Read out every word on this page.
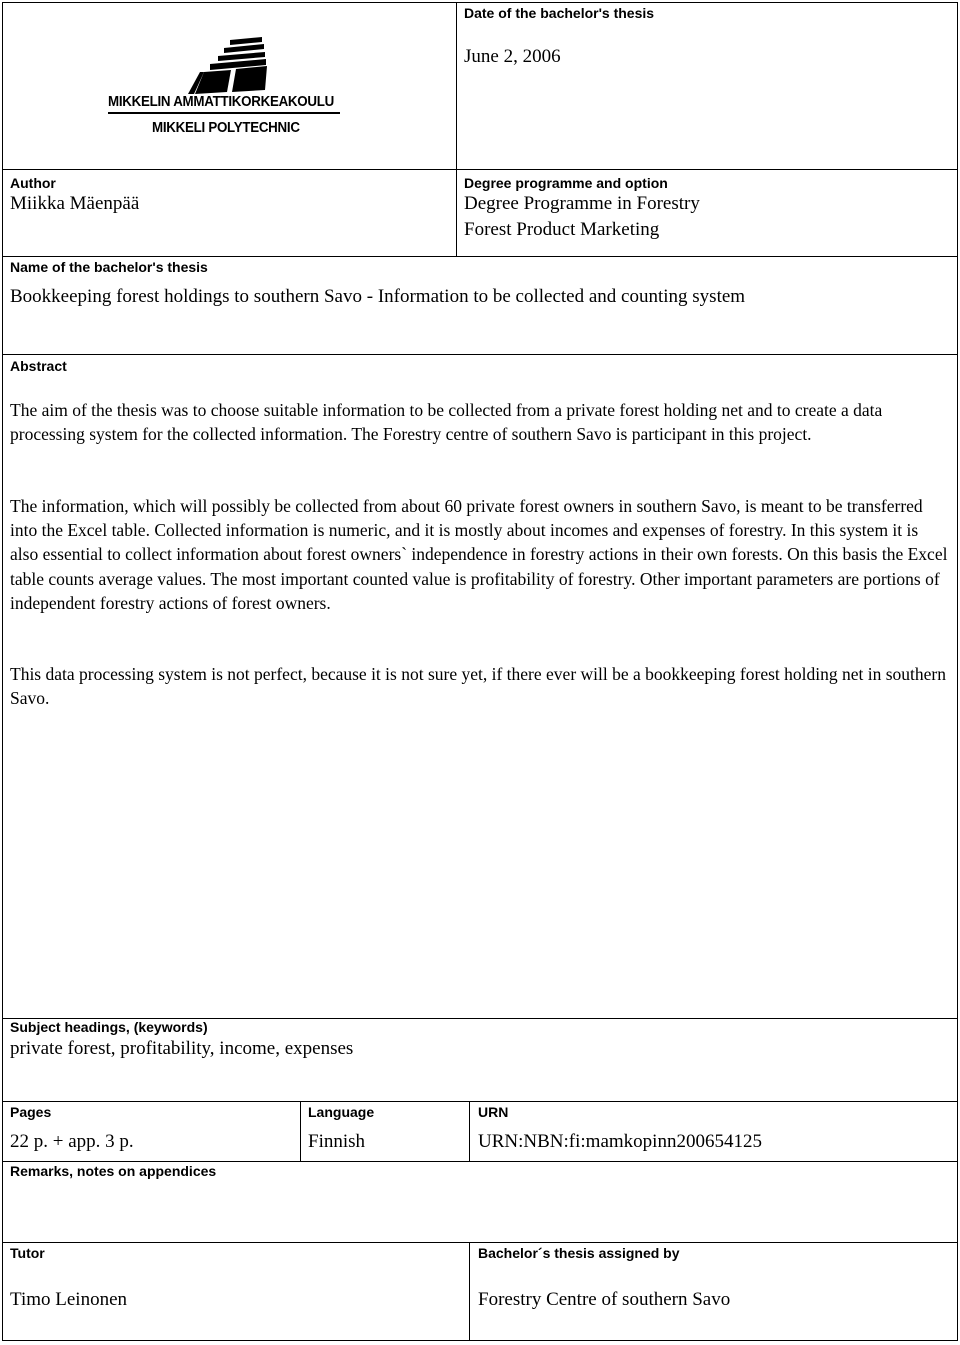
MIKKELIN AMMATTIKORKEAKOULU
MIKKELI POLYTECHNIC
Date of the bachelor's thesis
June 2, 2006
Author
Miikka Mäenpää
Degree programme and option
Degree Programme in Forestry
Forest Product Marketing
Name of the bachelor's thesis
Bookkeeping forest holdings to southern Savo - Information to be collected and counting system
Abstract

The aim of the thesis was to choose suitable information to be collected from a private forest holding net and to create a data processing system for the collected information. The Forestry centre of southern Savo is participant in this project.

The information, which will possibly be collected from about 60 private forest owners in southern Savo, is meant to be transferred into the Excel table. Collected information is numeric, and it is mostly about incomes and expenses of forestry. In this system it is also essential to collect information about forest owners` independence in forestry actions in their own forests. On this basis the Excel table counts average values. The most important counted value is profitability of forestry. Other important parameters are portions of independent forestry actions of forest owners.

This data processing system is not perfect, because it is not sure yet, if there ever will be a bookkeeping forest holding net in southern Savo.

Subject headings, (keywords)
private forest, profitability, income, expenses
Pages
22 p. + app. 3 p.
Language
Finnish
URN
URN:NBN:fi:mamkopinn200654125
Remarks, notes on appendices
Tutor
Timo Leinonen
Bachelor´s thesis assigned by
Forestry Centre of southern Savo
